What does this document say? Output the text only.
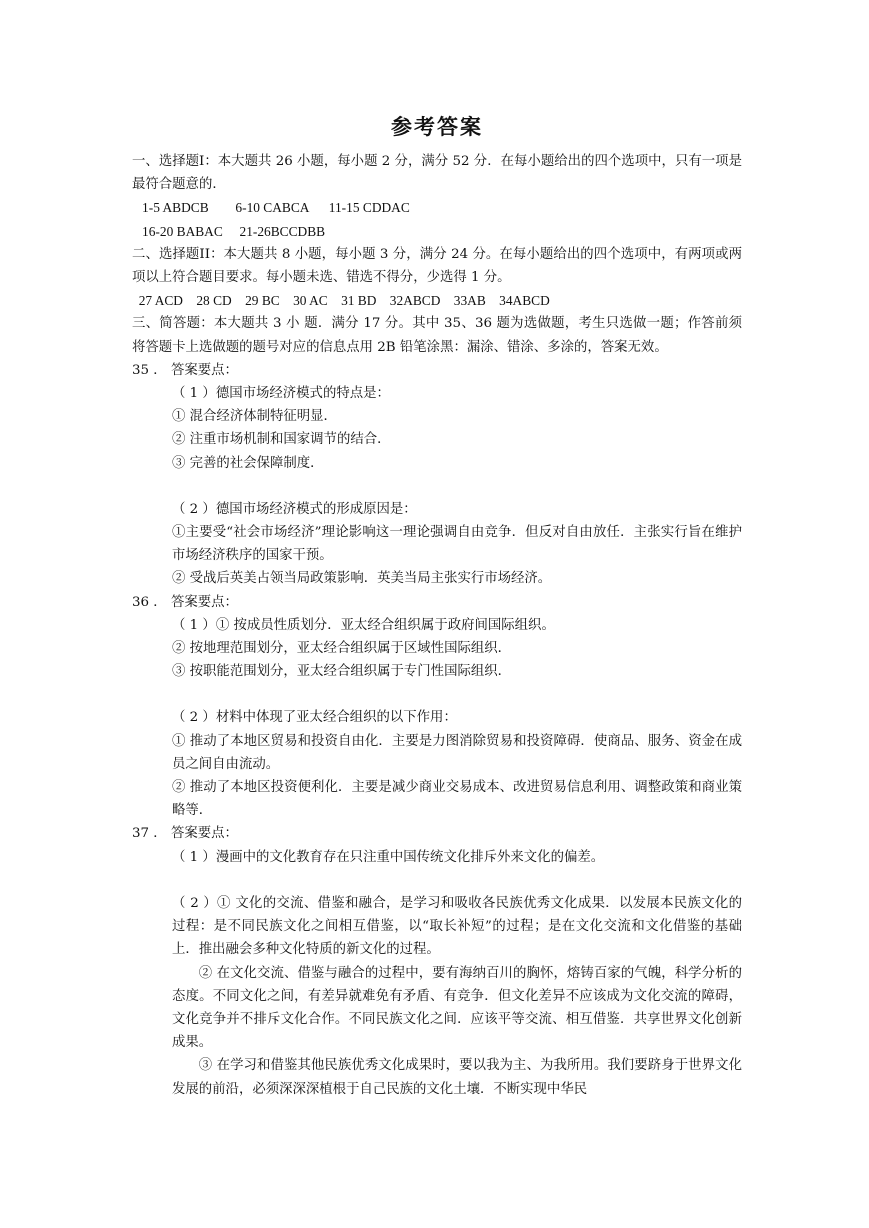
参考答案

一、选择题Ⅰ：本大题共 26 小题，每小题 2 分，满分 52 分．在每小题给出的四个选项中，只有一项是最符合题意的．

1-5 ABDCB        6-10 CABCA      11-15 CDDAC

16-20 BABAC     21-26BCCDBB

二、选择题II：本大题共 8 小题，每小题 3 分，满分 24 分。在每小题给出的四个选项中，有两项或两项以上符合题目要求。每小题未选、错选不得分，少选得 1 分。

27 ACD    28 CD    29 BC    30 AC    31 BD    32ABCD    33AB    34ABCD

三、简答题：本大题共 3 小 题．满分 17 分。其中 35、36 题为选做题，考生只选做一题；作答前须将答题卡上选做题的题号对应的信息点用 2B 铅笔涂黑：漏涂、错涂、多涂的，答案无效。

35 ． 答案要点：

（ 1 ）德国市场经济模式的特点是：

① 混合经济体制特征明显．

② 注重市场机制和国家调节的结合．

③ 完善的社会保障制度．

（ 2 ）德国市场经济模式的形成原因是：

①主要受“社会市场经济”理论影响这一理论强调自由竞争．但反对自由放任．主张实行旨在维护市场经济秩序的国家干预。

② 受战后英美占领当局政策影响．英美当局主张实行市场经济。

36 ． 答案要点：

（ 1 ）① 按成员性质划分．亚太经合组织属于政府间国际组织。

② 按地理范围划分，亚太经合组织属于区域性国际组织．

③ 按职能范围划分，亚太经合组织属于专门性国际组织．

（ 2 ）材料中体现了亚太经合组织的以下作用：

① 推动了本地区贸易和投资自由化．主要是力图消除贸易和投资障碍．使商品、服务、资金在成员之间自由流动。

② 推动了本地区投资便利化．主要是减少商业交易成本、改进贸易信息利用、调整政策和商业策略等．

37 ． 答案要点：

（ 1 ）漫画中的文化教育存在只注重中国传统文化排斥外来文化的偏差。

（ 2 ）① 文化的交流、借鉴和融合，是学习和吸收各民族优秀文化成果．以发展本民族文化的过程：是不同民族文化之间相互借鉴，以“取长补短”的过程；是在文化交流和文化借鉴的基础上．推出融会多种文化特质的新文化的过程。

② 在文化交流、借鉴与融合的过程中，要有海纳百川的胸怀，熔铸百家的气魄，科学分析的态度。不同文化之间，有差异就难免有矛盾、有竞争．但文化差异不应该成为文化交流的障碍，文化竞争并不排斥文化合作。不同民族文化之间．应该平等交流、相互借鉴．共享世界文化创新成果。

③ 在学习和借鉴其他民族优秀文化成果时，要以我为主、为我所用。我们要跻身于世界文化发展的前沿，必须深深深植根于自己民族的文化土壤．不断实现中华民
